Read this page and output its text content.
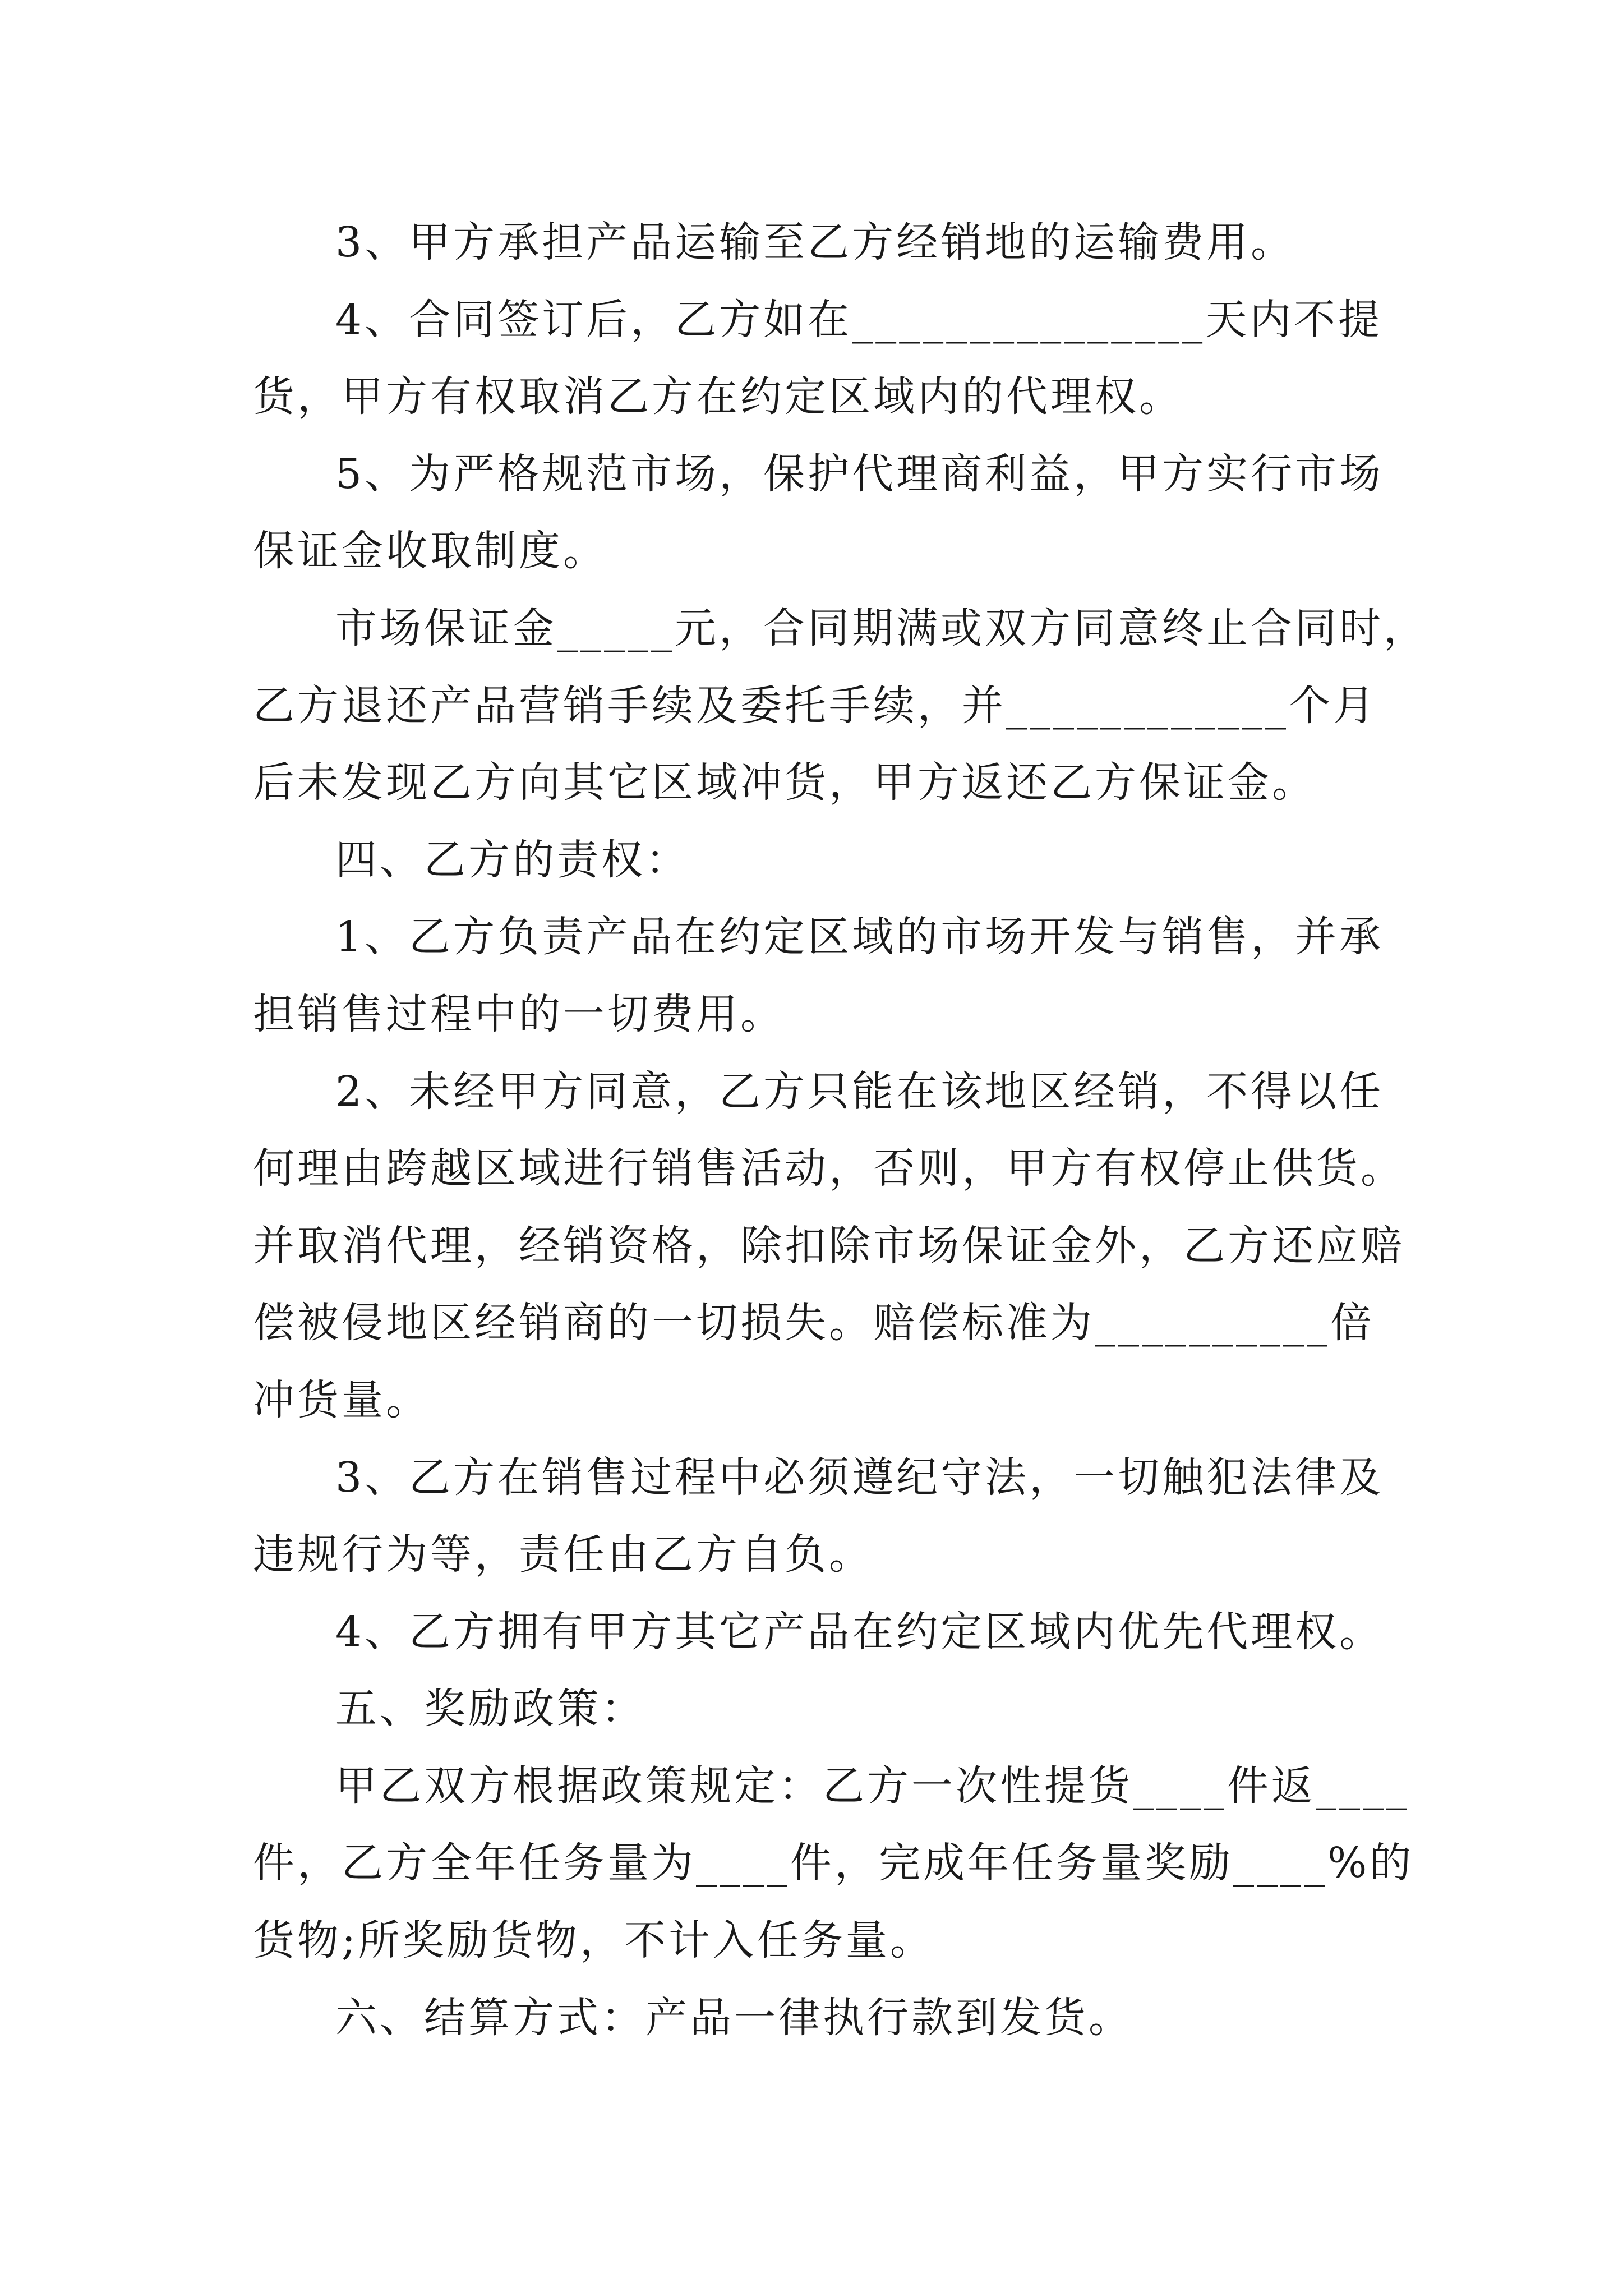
3、甲方承担产品运输至乙方经销地的运输费用。
4、合同签订后，乙方如在_______________天内不提
货，甲方有权取消乙方在约定区域内的代理权。
5、为严格规范市场，保护代理商利益，甲方实行市场
保证金收取制度。
市场保证金_____元，合同期满或双方同意终止合同时，
乙方退还产品营销手续及委托手续，并____________个月
后未发现乙方向其它区域冲货，甲方返还乙方保证金。
四、乙方的责权：
1、乙方负责产品在约定区域的市场开发与销售，并承
担销售过程中的一切费用。
2、未经甲方同意，乙方只能在该地区经销，不得以任
何理由跨越区域进行销售活动，否则，甲方有权停止供货。
并取消代理，经销资格，除扣除市场保证金外，乙方还应赔
偿被侵地区经销商的一切损失。赔偿标准为__________倍
冲货量。
3、乙方在销售过程中必须遵纪守法，一切触犯法律及
违规行为等，责任由乙方自负。
4、乙方拥有甲方其它产品在约定区域内优先代理权。
五、奖励政策：
甲乙双方根据政策规定：乙方一次性提货____件返____
件，乙方全年任务量为____件，完成年任务量奖励____%的
货物;所奖励货物，不计入任务量。
六、结算方式：产品一律执行款到发货。
